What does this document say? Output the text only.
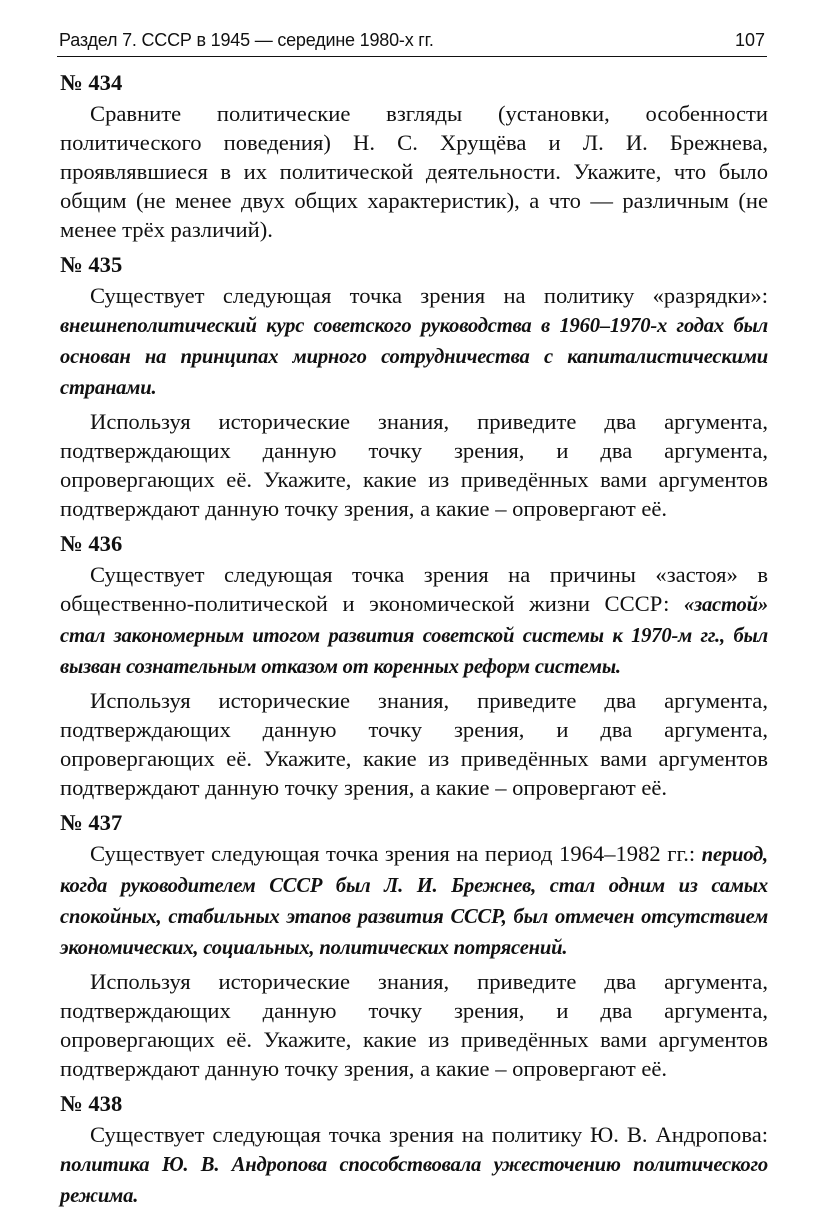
Раздел 7. СССР в 1945 — середине 1980-х гг.	107
№ 434

Сравните политические взгляды (установки, особенности политического поведения) Н. С. Хрущёва и Л. И. Брежнева, проявлявшиеся в их политической деятельности. Укажите, что было общим (не менее двух общих характеристик), а что — различным (не менее трёх различий).

№ 435

Существует следующая точка зрения на политику «разрядки»: внешнеполитический курс советского руководства в 1960–1970-х годах был основан на принципах мирного сотрудничества с капиталистическими странами.

Используя исторические знания, приведите два аргумента, подтверждающих данную точку зрения, и два аргумента, опровергающих её. Укажите, какие из приведённых вами аргументов подтверждают данную точку зрения, а какие – опровергают её.

№ 436

Существует следующая точка зрения на причины «застоя» в общественно-политической и экономической жизни СССР: «застой» стал закономерным итогом развития советской системы к 1970-м гг., был вызван сознательным отказом от коренных реформ системы.

Используя исторические знания, приведите два аргумента, подтверждающих данную точку зрения, и два аргумента, опровергающих её. Укажите, какие из приведённых вами аргументов подтверждают данную точку зрения, а какие – опровергают её.

№ 437

Существует следующая точка зрения на период 1964–1982 гг.: период, когда руководителем СССР был Л. И. Брежнев, стал одним из самых спокойных, стабильных этапов развития СССР, был отмечен отсутствием экономических, социальных, политических потрясений.

Используя исторические знания, приведите два аргумента, подтверждающих данную точку зрения, и два аргумента, опровергающих её. Укажите, какие из приведённых вами аргументов подтверждают данную точку зрения, а какие – опровергают её.

№ 438

Существует следующая точка зрения на политику Ю. В. Андропова: политика Ю. В. Андропова способствовала ужесточению политического режима.
